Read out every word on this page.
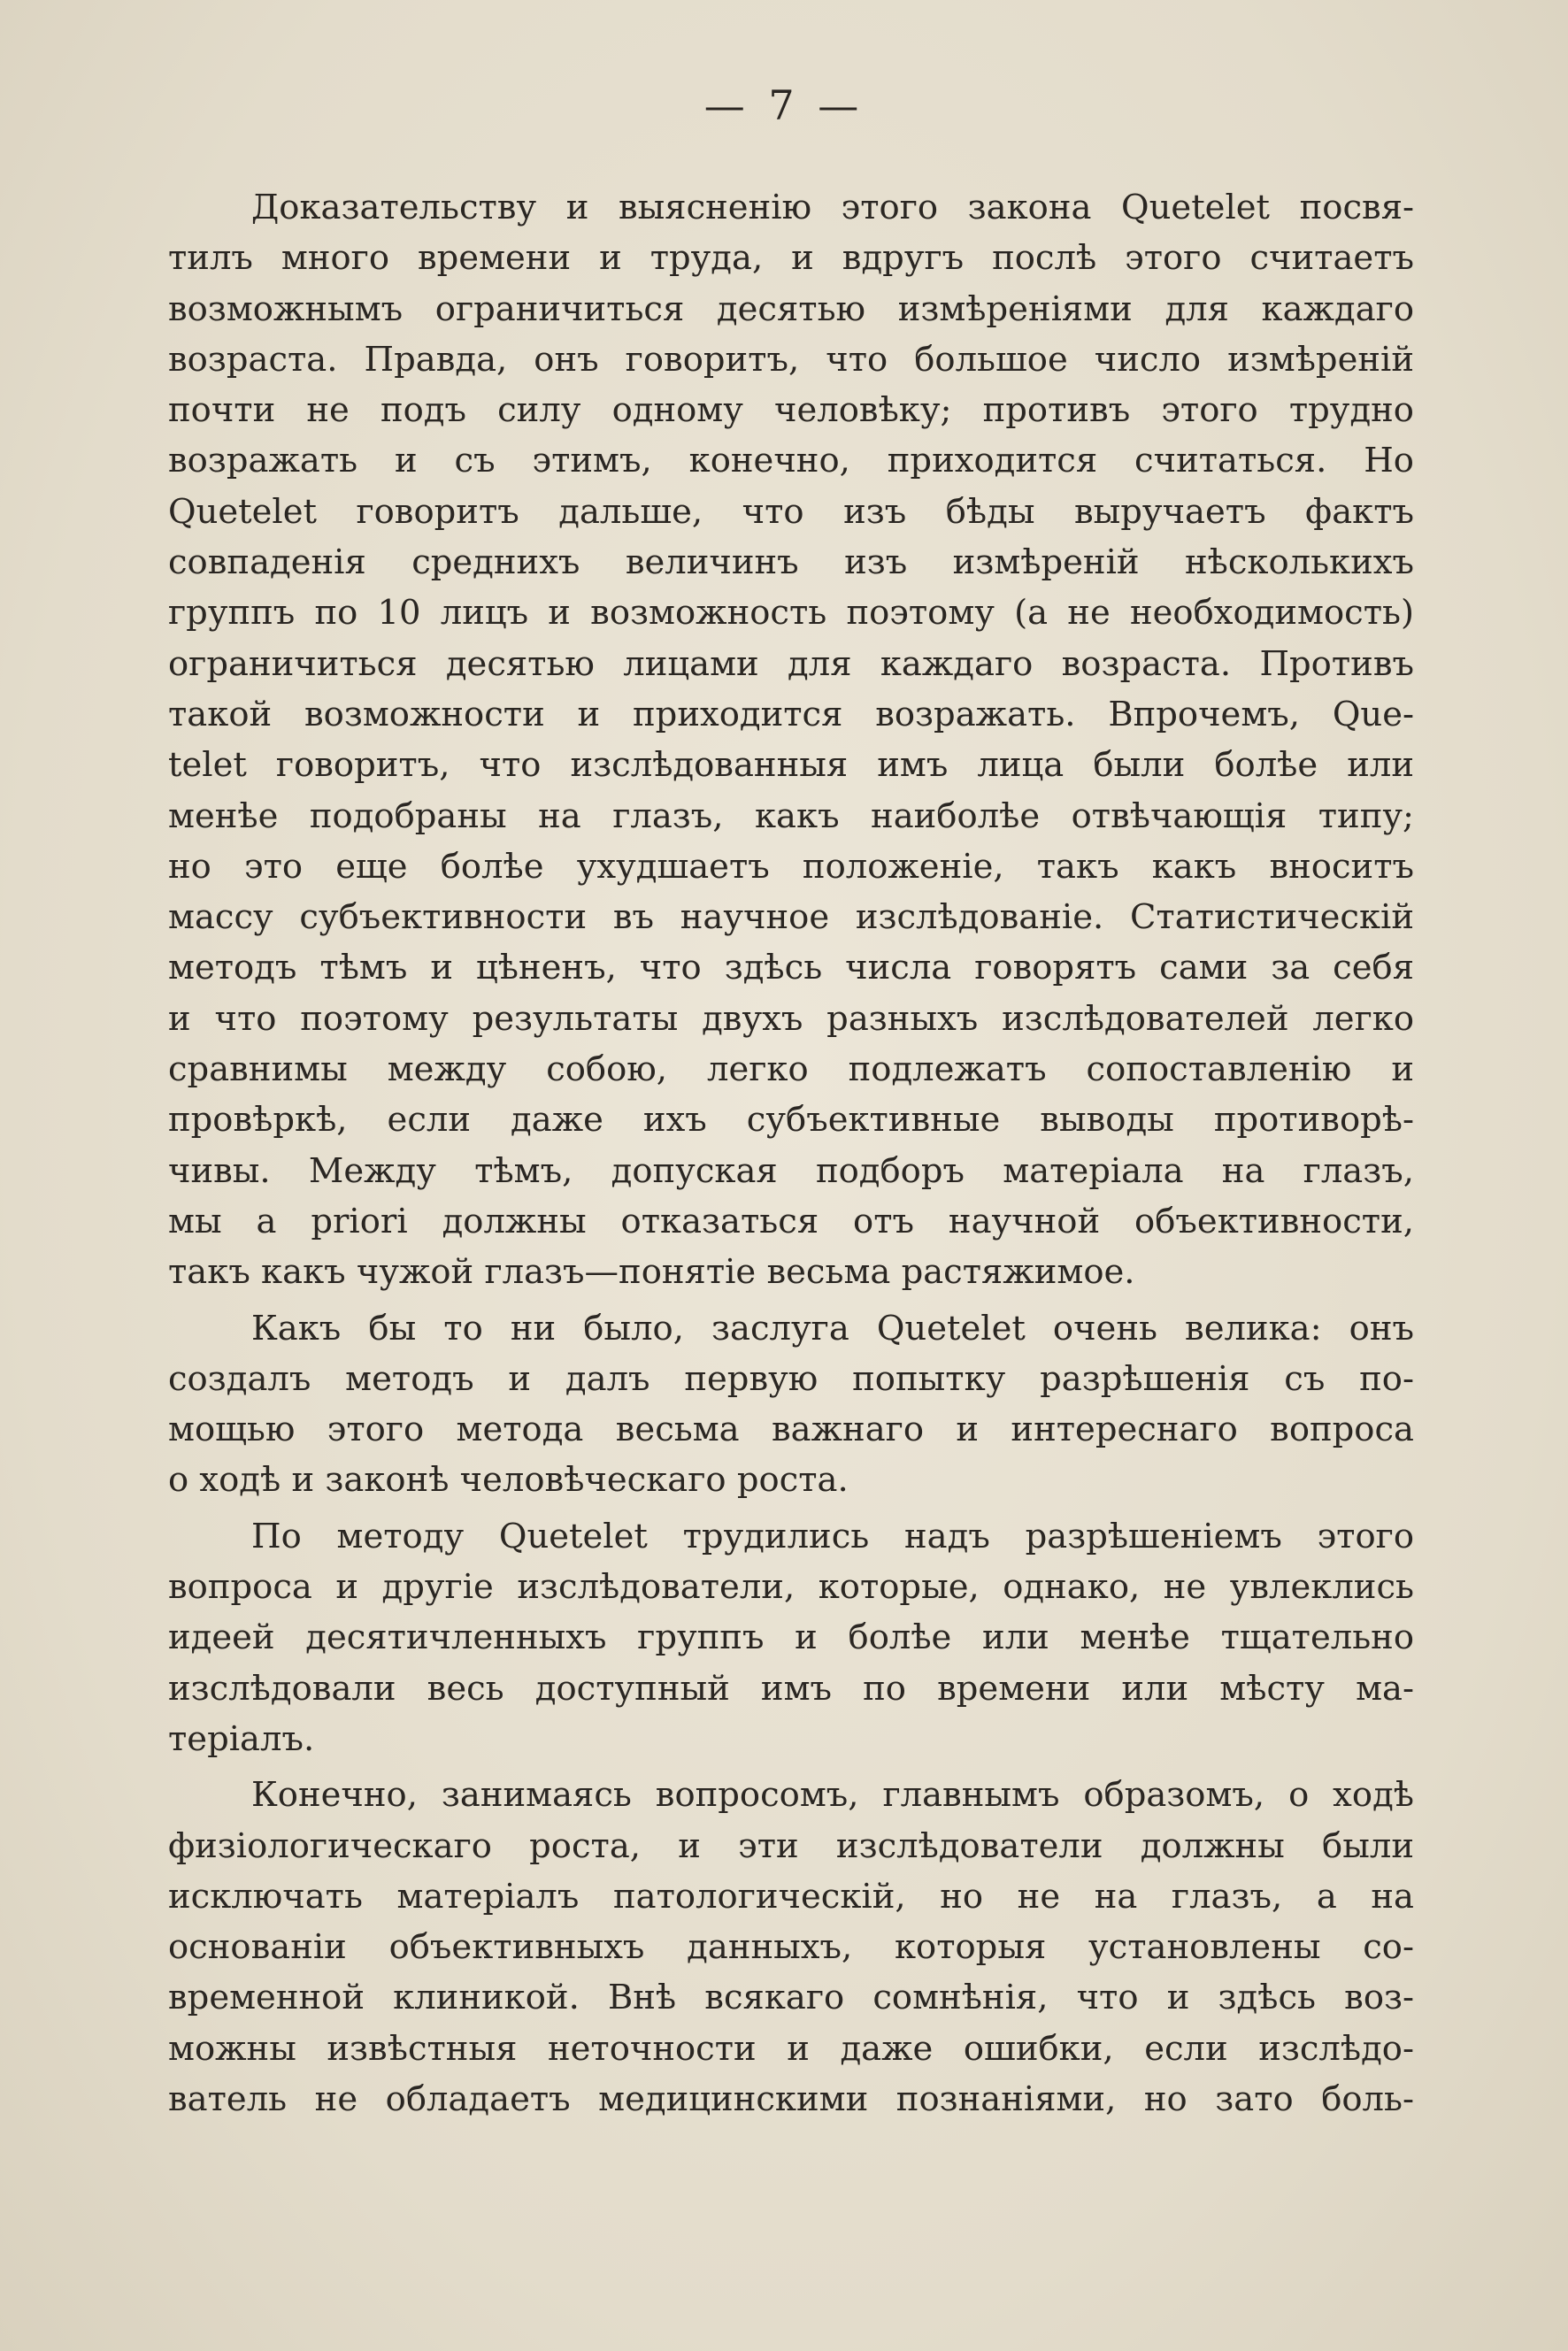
— 7 —
Доказательству и выясненію этого закона Quetelet посвя-
тилъ много времени и труда, и вдругъ послѣ этого считаетъ
возможнымъ ограничиться десятью измѣреніями для каждаго
возраста. Правда, онъ говоритъ, что большое число измѣреній
почти не подъ силу одному человѣку; противъ этого трудно
возражать и съ этимъ, конечно, приходится считаться. Но
Quetelet говоритъ дальше, что изъ бѣды выручаетъ фактъ
совпаденія среднихъ величинъ изъ измѣреній нѣсколькихъ
группъ по 10 лицъ и возможность поэтому (а не необходимость)
ограничиться десятью лицами для каждаго возраста. Противъ
такой возможности и приходится возражать. Впрочемъ, Que-
telet говоритъ, что изслѣдованныя имъ лица были болѣе или
менѣе подобраны на глазъ, какъ наиболѣе отвѣчающія типу;
но это еще болѣе ухудшаетъ положеніе, такъ какъ вноситъ
массу субъективности въ научное изслѣдованіе. Статистическій
методъ тѣмъ и цѣненъ, что здѣсь числа говорятъ сами за себя
и что поэтому результаты двухъ разныхъ изслѣдователей легко
сравнимы между собою, легко подлежатъ сопоставленію и
провѣркѣ, если даже ихъ субъективные выводы противорѣ-
чивы. Между тѣмъ, допуская подборъ матеріала на глазъ,
мы a priori должны отказаться отъ научной объективности,
такъ какъ чужой глазъ—понятіе весьма растяжимое.
Какъ бы то ни было, заслуга Quetelet очень велика: онъ
создалъ методъ и далъ первую попытку разрѣшенія съ по-
мощью этого метода весьма важнаго и интереснаго вопроса
о ходѣ и законѣ человѣческаго роста.
По методу Quetelet трудились надъ разрѣшеніемъ этого
вопроса и другіе изслѣдователи, которые, однако, не увлеклись
идеей десятичленныхъ группъ и болѣе или менѣе тщательно
изслѣдовали весь доступный имъ по времени или мѣсту ма-
теріалъ.
Конечно, занимаясь вопросомъ, главнымъ образомъ, о ходѣ
физіологическаго роста, и эти изслѣдователи должны были
исключать матеріалъ патологическій, но не на глазъ, а на
основаніи объективныхъ данныхъ, которыя установлены со-
временной клиникой. Внѣ всякаго сомнѣнія, что и здѣсь воз-
можны извѣстныя неточности и даже ошибки, если изслѣдо-
ватель не обладаетъ медицинскими познаніями, но зато боль-
